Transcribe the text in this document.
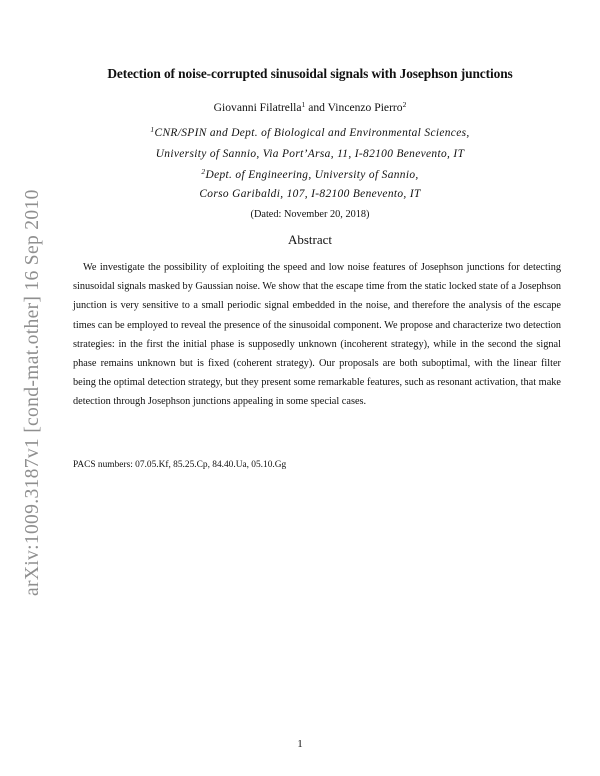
arXiv:1009.3187v1 [cond-mat.other] 16 Sep 2010
Detection of noise-corrupted sinusoidal signals with Josephson junctions
Giovanni Filatrella$^1$ and Vincenzo Pierro$^2$
$^1$CNR/SPIN and Dept. of Biological and Environmental Sciences,
University of Sannio, Via Port’Arsa, 11, I-82100 Benevento, IT
$^2$Dept. of Engineering, University of Sannio,
Corso Garibaldi, 107, I-82100 Benevento, IT
(Dated: November 20, 2018)
Abstract
We investigate the possibility of exploiting the speed and low noise features of Josephson junctions for detecting sinusoidal signals masked by Gaussian noise. We show that the escape time from the static locked state of a Josephson junction is very sensitive to a small periodic signal embedded in the noise, and therefore the analysis of the escape times can be employed to reveal the presence of the sinusoidal component. We propose and characterize two detection strategies: in the first the initial phase is supposedly unknown (incoherent strategy), while in the second the signal phase remains unknown but is fixed (coherent strategy). Our proposals are both suboptimal, with the linear filter being the optimal detection strategy, but they present some remarkable features, such as resonant activation, that make detection through Josephson junctions appealing in some special cases.
PACS numbers: 07.05.Kf, 85.25.Cp, 84.40.Ua, 05.10.Gg
1
